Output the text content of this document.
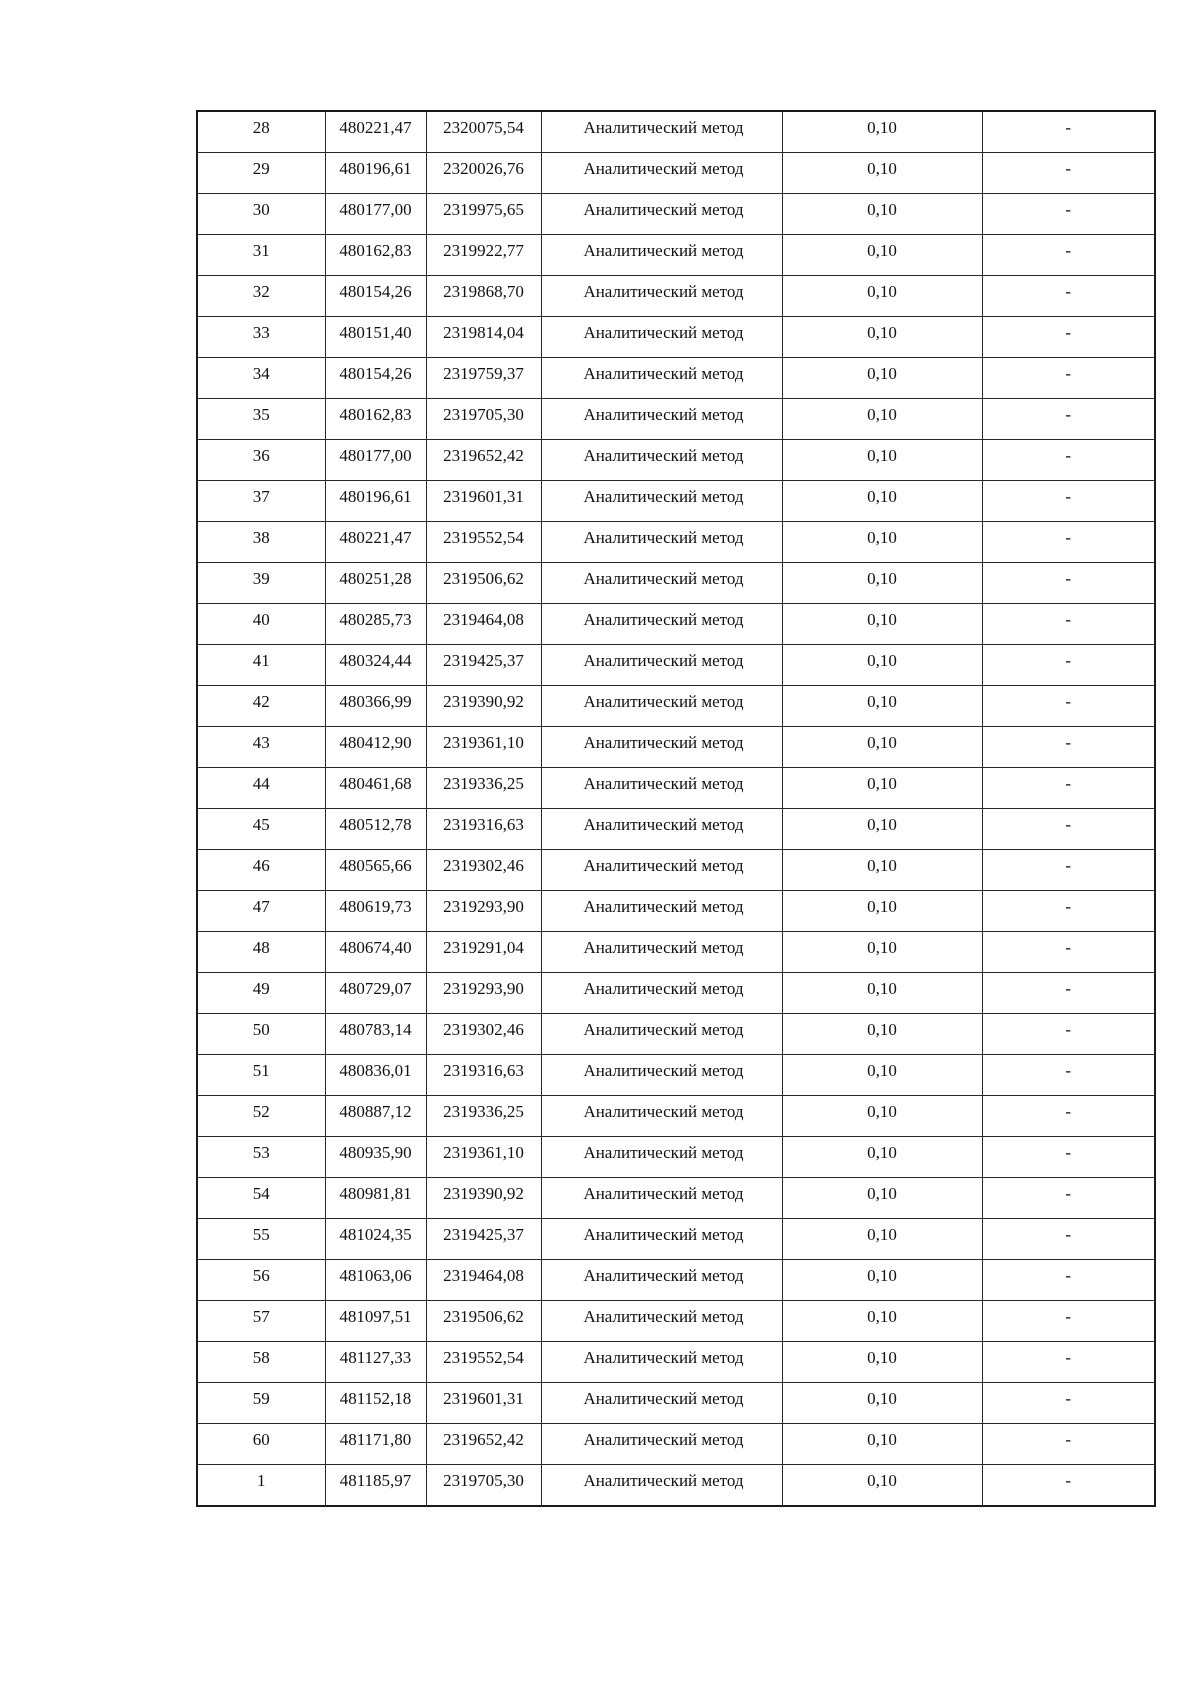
28	480221,47	2320075,54	Аналитический метод	0,10	-

29	480196,61	2320026,76	Аналитический метод	0,10	-

30	480177,00	2319975,65	Аналитический метод	0,10	-

31	480162,83	2319922,77	Аналитический метод	0,10	-

32	480154,26	2319868,70	Аналитический метод	0,10	-

33	480151,40	2319814,04	Аналитический метод	0,10	-

34	480154,26	2319759,37	Аналитический метод	0,10	-

35	480162,83	2319705,30	Аналитический метод	0,10	-

36	480177,00	2319652,42	Аналитический метод	0,10	-

37	480196,61	2319601,31	Аналитический метод	0,10	-

38	480221,47	2319552,54	Аналитический метод	0,10	-

39	480251,28	2319506,62	Аналитический метод	0,10	-

40	480285,73	2319464,08	Аналитический метод	0,10	-

41	480324,44	2319425,37	Аналитический метод	0,10	-

42	480366,99	2319390,92	Аналитический метод	0,10	-

43	480412,90	2319361,10	Аналитический метод	0,10	-

44	480461,68	2319336,25	Аналитический метод	0,10	-

45	480512,78	2319316,63	Аналитический метод	0,10	-

46	480565,66	2319302,46	Аналитический метод	0,10	-

47	480619,73	2319293,90	Аналитический метод	0,10	-

48	480674,40	2319291,04	Аналитический метод	0,10	-

49	480729,07	2319293,90	Аналитический метод	0,10	-

50	480783,14	2319302,46	Аналитический метод	0,10	-

51	480836,01	2319316,63	Аналитический метод	0,10	-

52	480887,12	2319336,25	Аналитический метод	0,10	-

53	480935,90	2319361,10	Аналитический метод	0,10	-

54	480981,81	2319390,92	Аналитический метод	0,10	-

55	481024,35	2319425,37	Аналитический метод	0,10	-

56	481063,06	2319464,08	Аналитический метод	0,10	-

57	481097,51	2319506,62	Аналитический метод	0,10	-

58	481127,33	2319552,54	Аналитический метод	0,10	-

59	481152,18	2319601,31	Аналитический метод	0,10	-

60	481171,80	2319652,42	Аналитический метод	0,10	-

1	481185,97	2319705,30	Аналитический метод	0,10	-
